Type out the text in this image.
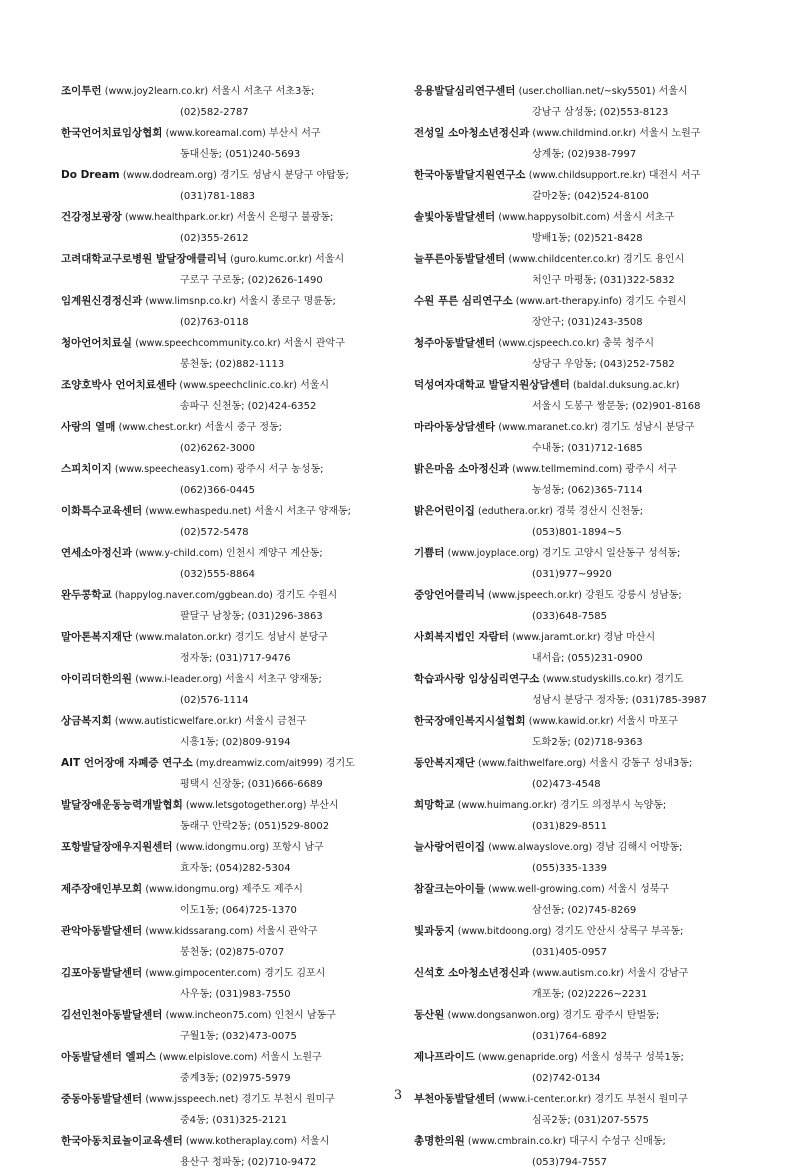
조이투런 (www.joy2learn.co.kr) 서울시 서초구 서초3동;
(02)582-2787
한국언어치료임상협회 (www.koreamal.com) 부산시 서구
동대신동; (051)240-5693
Do Dream (www.dodream.org) 경기도 성남시 분당구 야탑동;
(031)781-1883
건강정보광장 (www.healthpark.or.kr) 서울시 은평구 불광동;
(02)355-2612
고려대학교구로병원 발달장애클리닉 (guro.kumc.or.kr) 서울시
구로구 구로동; (02)2626-1490
임계원신경정신과 (www.limsnp.co.kr) 서울시 종로구 명륜동;
(02)763-0118
청아언어치료실 (www.speechcommunity.co.kr) 서울시 관악구
봉천동; (02)882-1113
조양호박사 언어치료센타 (www.speechclinic.co.kr) 서울시
송파구 신천동; (02)424-6352
사랑의 열매 (www.chest.or.kr) 서울시 중구 정동;
(02)6262-3000
스피치이지 (www.speecheasy1.com) 광주시 서구 농성동;
(062)366-0445
이화특수교육센터 (www.ewhaspedu.net) 서울시 서초구 양재동;
(02)572-5478
연세소아정신과 (www.y-child.com) 인천시 계양구 계산동;
(032)555-8864
완두콩학교 (happylog.naver.com/ggbean.do) 경기도 수원시
팔달구 남창동; (031)296-3863
말아톤복지재단 (www.malaton.or.kr) 경기도 성남시 분당구
정자동; (031)717-9476
아이리더한의원 (www.i-leader.org) 서울시 서초구 양재동;
(02)576-1114
상금복지회 (www.autisticwelfare.or.kr) 서울시 금천구
시흥1동; (02)809-9194
AIT 언어장애 자폐증 연구소 (my.dreamwiz.com/ait999) 경기도
평택시 신장동; (031)666-6689
발달장애운동능력개발협회 (www.letsgotogether.org) 부산시
동래구 안락2동; (051)529-8002
포항발달장애우지원센터 (www.idongmu.org) 포항시 남구
효자동; (054)282-5304
제주장애인부모회 (www.idongmu.org) 제주도 제주시
이도1동; (064)725-1370
관악아동발달센터 (www.kidssarang.com) 서울시 관악구
봉천동; (02)875-0707
김포아동발달센터 (www.gimpocenter.com) 경기도 김포시
사우동; (031)983-7550
김선인천아동발달센터 (www.incheon75.com) 인천시 남동구
구월1동; (032)473-0075
아동발달센터 엘피스 (www.elpislove.com) 서울시 노원구
중계3동; (02)975-5979
중동아동발달센터 (www.jsspeech.net) 경기도 부천시 원미구
중4동; (031)325-2121
한국아동치료놀이교육센터 (www.kotheraplay.com) 서울시
용산구 청파동; (02)710-9472
응용발달심리연구센터 (user.chollian.net/~sky5501) 서울시
강남구 삼성동; (02)553-8123
전성일 소아청소년정신과 (www.childmind.or.kr) 서울시 노원구
상계동; (02)938-7997
한국아동발달지원연구소 (www.childsupport.re.kr) 대전시 서구
갈마2동; (042)524-8100
솔빛아동발달센터 (www.happysolbit.com) 서울시 서초구
방배1동; (02)521-8428
늘푸른아동발달센터 (www.childcenter.co.kr) 경기도 용인시
처인구 마평동; (031)322-5832
수원 푸른 심리연구소 (www.art-therapy.info) 경기도 수원시
장안구; (031)243-3508
청주아동발달센터 (www.cjspeech.co.kr) 충북 청주시
상당구 우암동; (043)252-7582
덕성여자대학교 발달지원상담센터 (baldal.duksung.ac.kr)
서울시 도봉구 쌍문동; (02)901-8168
마라아동상담센타 (www.maranet.co.kr) 경기도 성남시 분당구
수내동; (031)712-1685
밝은마음 소아정신과 (www.tellmemind.com) 광주시 서구
농성동; (062)365-7114
밝은어린이집 (eduthera.or.kr) 경북 경산시 신천동;
(053)801-1894~5
기쁨터 (www.joyplace.org) 경기도 고양시 일산동구 성석동;
(031)977~9920
중앙언어클리닉 (www.jspeech.or.kr) 강원도 강릉시 성남동;
(033)648-7585
사회복지법인 자람터 (www.jaramt.or.kr) 경남 마산시
내서읍; (055)231-0900
학습과사랑 임상심리연구소 (www.studyskills.co.kr) 경기도
성남시 분당구 정자동; (031)785-3987
한국장애인복지시설협회 (www.kawid.or.kr) 서울시 마포구
도화2동; (02)718-9363
동안복지재단 (www.faithwelfare.org) 서울시 강동구 성내3동;
(02)473-4548
희망학교 (www.huimang.or.kr) 경기도 의정부시 녹양동;
(031)829-8511
늘사랑어린이집 (www.alwayslove.org) 경남 김해시 어방동;
(055)335-1339
참잘크는아이들 (www.well-growing.com) 서울시 성북구
삼선동; (02)745-8269
빛과둥지 (www.bitdoong.org) 경기도 안산시 상록구 부곡동;
(031)405-0957
신석호 소아청소년정신과 (www.autism.co.kr) 서울시 강남구
개포동; (02)2226~2231
동산원 (www.dongsanwon.org) 경기도 광주시 탄벌동;
(031)764-6892
제나프라이드 (www.genapride.org) 서울시 성북구 성북1동;
(02)742-0134
부천아동발달센터 (www.i-center.or.kr) 경기도 부천시 원미구
심곡2동; (031)207-5575
총명한의원 (www.cmbrain.co.kr) 대구시 수성구 신매동;
(053)794-7557
3
